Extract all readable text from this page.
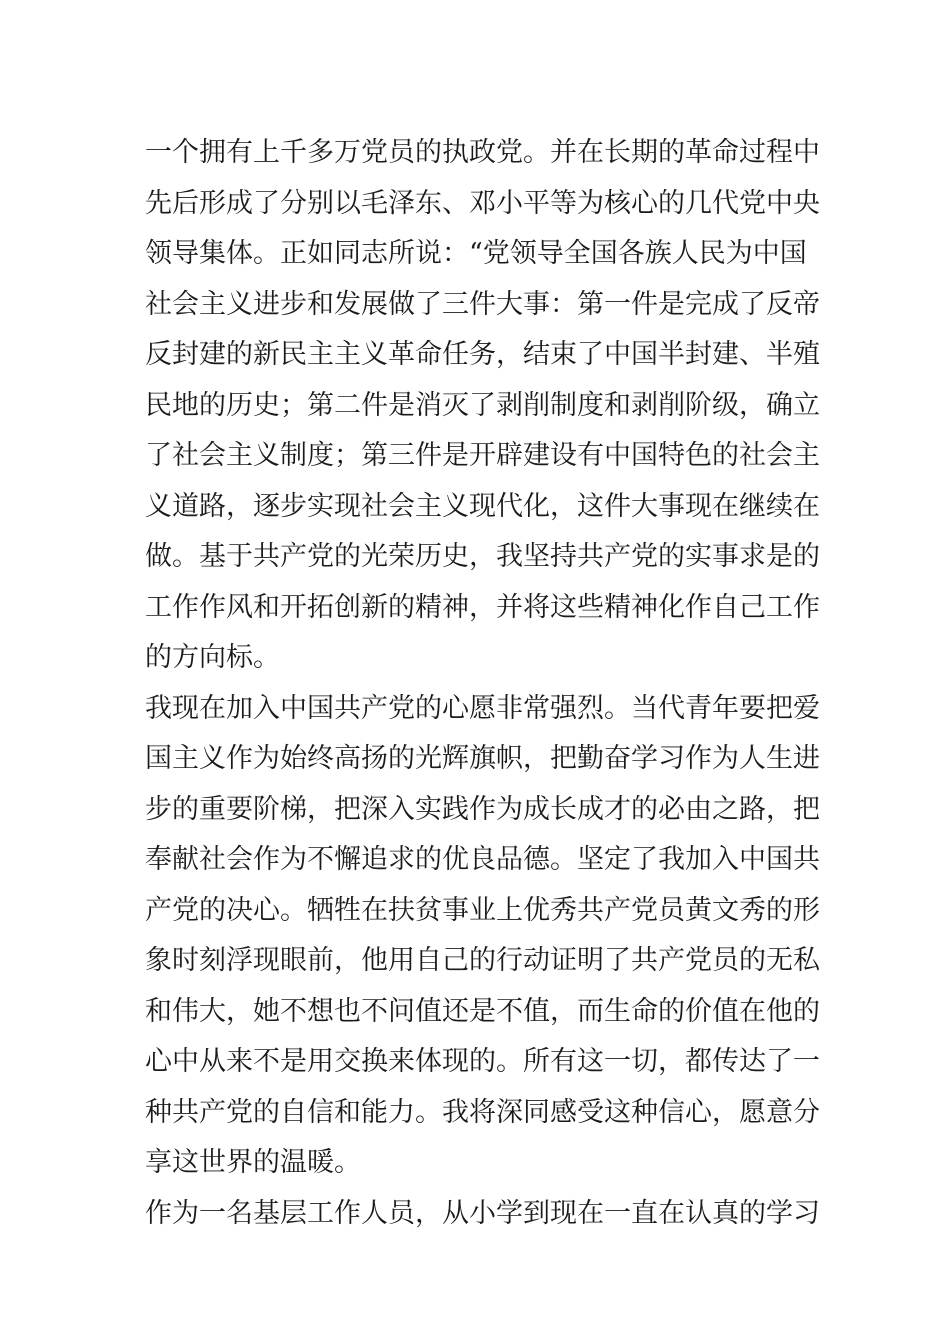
一个拥有上千多万党员的执政党。并在长期的革命过程中
先后形成了分别以毛泽东、邓小平等为核心的几代党中央
领导集体。正如同志所说：“党领导全国各族人民为中国
社会主义进步和发展做了三件大事：第一件是完成了反帝
反封建的新民主主义革命任务，结束了中国半封建、半殖
民地的历史；第二件是消灭了剥削制度和剥削阶级，确立
了社会主义制度；第三件是开辟建设有中国特色的社会主
义道路，逐步实现社会主义现代化，这件大事现在继续在
做。基于共产党的光荣历史，我坚持共产党的实事求是的
工作作风和开拓创新的精神，并将这些精神化作自己工作
的方向标。
我现在加入中国共产党的心愿非常强烈。当代青年要把爱
国主义作为始终高扬的光辉旗帜，把勤奋学习作为人生进
步的重要阶梯，把深入实践作为成长成才的必由之路，把
奉献社会作为不懈追求的优良品德。坚定了我加入中国共
产党的决心。牺牲在扶贫事业上优秀共产党员黄文秀的形
象时刻浮现眼前，他用自己的行动证明了共产党员的无私
和伟大，她不想也不问值还是不值，而生命的价值在他的
心中从来不是用交换来体现的。所有这一切，都传达了一
种共产党的自信和能力。我将深同感受这种信心，愿意分
享这世界的温暖。
作为一名基层工作人员，从小学到现在一直在认真的学习
